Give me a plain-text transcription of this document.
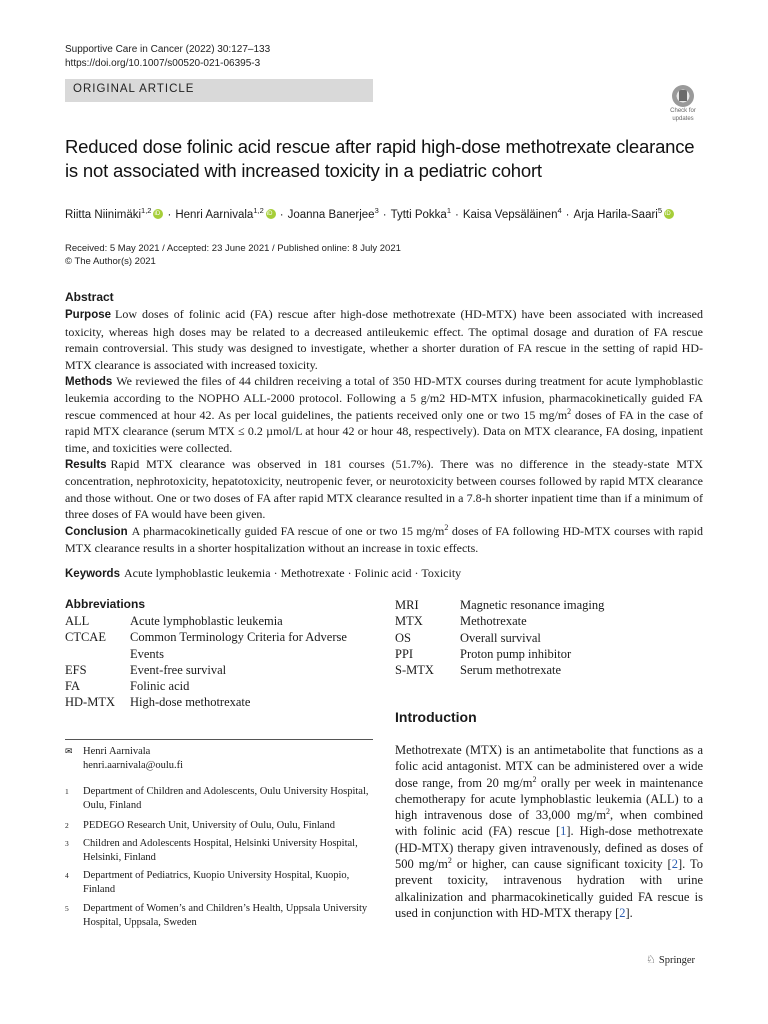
Supportive Care in Cancer (2022) 30:127–133
https://doi.org/10.1007/s00520-021-06395-3
ORIGINAL ARTICLE
Check for
updates
Reduced dose folinic acid rescue after rapid high-dose methotrexate clearance is not associated with increased toxicity in a pediatric cohort
Riitta Niinimäki$^{1,2}$ iD · Henri Aarnivala$^{1,2}$ iD · Joanna Banerjee$^3$ · Tytti Pokka$^1$ · Kaisa Vepsäläinen$^4$ · Arja Harila-Saari$^5$iD
Received: 5 May 2021 / Accepted: 23 June 2021 / Published online: 8 July 2021
© The Author(s) 2021
Abstract

Purpose Low doses of folinic acid (FA) rescue after high-dose methotrexate (HD-MTX) have been associated with increased toxicity, whereas high doses may be related to a decreased antileukemic effect. The optimal dosage and duration of FA rescue remain controversial. This study was designed to investigate, whether a shorter duration of FA rescue in the setting of rapid HD-MTX clearance is associated with increased toxicity.

Methods We reviewed the files of 44 children receiving a total of 350 HD-MTX courses during treatment for acute lymphoblastic leukemia according to the NOPHO ALL-2000 protocol. Following a 5 g/m2 HD-MTX infusion, pharmacokinetically guided FA rescue commenced at hour 42. As per local guidelines, the patients received only one or two 15 $mg/m^2$ doses of FA in the case of rapid MTX clearance (serum MTX ≤ 0.2 µmol/L at hour 42 or hour 48, respectively). Data on MTX clearance, FA dosing, inpatient time, and toxicities were collected.

Results Rapid MTX clearance was observed in 181 courses (51.7%). There was no difference in the steady-state MTX concentration, nephrotoxicity, hepatotoxicity, neutropenic fever, or neurotoxicity between courses followed by rapid MTX clearance and those without. One or two doses of FA after rapid MTX clearance resulted in a 7.8-h shorter inpatient time than if a minimum of three doses of FA would have been given.

Conclusion A pharmacokinetically guided FA rescue of one or two 15 $mg/m^2$ doses of FA following HD-MTX courses with rapid MTX clearance results in a shorter hospitalization without an increase in toxic effects.

Keywords Acute lymphoblastic leukemia · Methotrexate · Folinic acid · Toxicity
Abbreviations
ALL	Acute lymphoblastic leukemia
CTCAE	Common Terminology Criteria for Adverse Events
EFS	Event-free survival
FA	Folinic acid
HD-MTX	High-dose methotrexate
MRI	Magnetic resonance imaging
MTX	Methotrexate
OS	Overall survival
PPI	Proton pump inhibitor
S-MTX	Serum methotrexate
Introduction
Methotrexate (MTX) is an antimetabolite that functions as a folic acid antagonist. MTX can be administered over a wide dose range, from 20 $mg/m^2$ orally per week in maintenance chemotherapy for acute lymphoblastic leukemia (ALL) to a high intravenous dose of 33,000 $mg/m^2$, when combined with folinic acid (FA) rescue [1]. High-dose methotrexate (HD-MTX) therapy given intravenously, defined as doses of 500 $mg/m^2$ or higher, can cause significant toxicity [2]. To prevent toxicity, intravenous hydration with urine alkalinization and pharmacokinetically guided FA rescue is used in conjunction with HD-MTX therapy [2].
✉ Henri Aarnivala
henri.aarnivala@oulu.fi
1	Department of Children and Adolescents, Oulu University Hospital, Oulu, Finland
2	PEDEGO Research Unit, University of Oulu, Oulu, Finland
3	Children and Adolescents Hospital, Helsinki University Hospital, Helsinki, Finland
4	Department of Pediatrics, Kuopio University Hospital, Kuopio, Finland
5	Department of Women’s and Children’s Health, Uppsala University Hospital, Uppsala, Sweden
♘ Springer
